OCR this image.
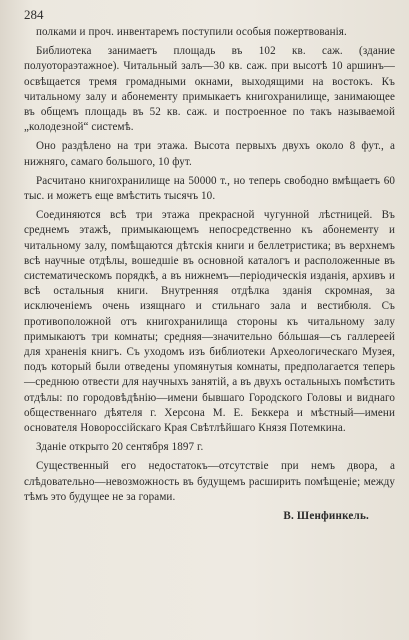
284

полками и проч. инвентаремъ поступили особыя пожертвованія.

Библиотека занимаетъ площадь въ 102 кв. саж. (здание полуотораэтажное). Читальный залъ—30 кв. саж. при высотѣ 10 аршинъ—освѣщается тремя громадными окнами, выходящими на востокъ. Къ читальному залу и абонементу примыкаетъ книгохранилище, занимающее въ общемъ площадь въ 52 кв. саж. и построенное по такъ называемой „колодезной“ системѣ.

Оно раздѣлено на три этажа. Высота первыхъ двухъ около 8 фут., а нижняго, самаго большого, 10 фут.

Расчитано книгохранилище на 50000 т., но теперь свободно вмѣщаетъ 60 тыс. и можетъ еще вмѣстить тысячъ 10.

Соединяются всѣ три этажа прекрасной чугунной лѣстницей. Въ среднемъ этажѣ, примыкающемъ непосредственно къ абонементу и читальному залу, помѣщаются дѣтскія книги и беллетристика; въ верхнемъ всѣ научные отдѣлы, вошедшіе въ основной каталогъ и расположенные въ систематическомъ порядкѣ, а въ нижнемъ—періодическія изданія, архивъ и всѣ остальныя книги. Внутренняя отдѣлка зданія скромная, за исключеніемъ очень изящнаго и стильнаго зала и вестибюля. Съ противоположной отъ книгохранилища стороны къ читальному залу примыкаютъ три комнаты; средняя—значительно бóльшая—съ галлереей для храненія книгъ. Съ уходомъ изъ библиотеки Археологическаго Музея, подъ который были отведены упомянутыя комнаты, предполагается теперь—среднюю отвести для научныхъ занятій, а въ двухъ остальныхъ помѣстить отдѣлы: по городовѣдѣнію—имени бывшаго Городского Головы и виднаго общественнаго дѣятеля г. Херсона М. Е. Беккера и мѣстный—имени основателя Новороссійскаго Края Свѣтлѣйшаго Князя Потемкина.

Зданіе открыто 20 сентября 1897 г.

Существенный его недостатокъ—отсутствіе при немъ двора, а слѣдовательно—невозможность въ будущемъ расширить помѣщеніе; между тѣмъ это будущее не за горами.

В. Шенфинкель.
